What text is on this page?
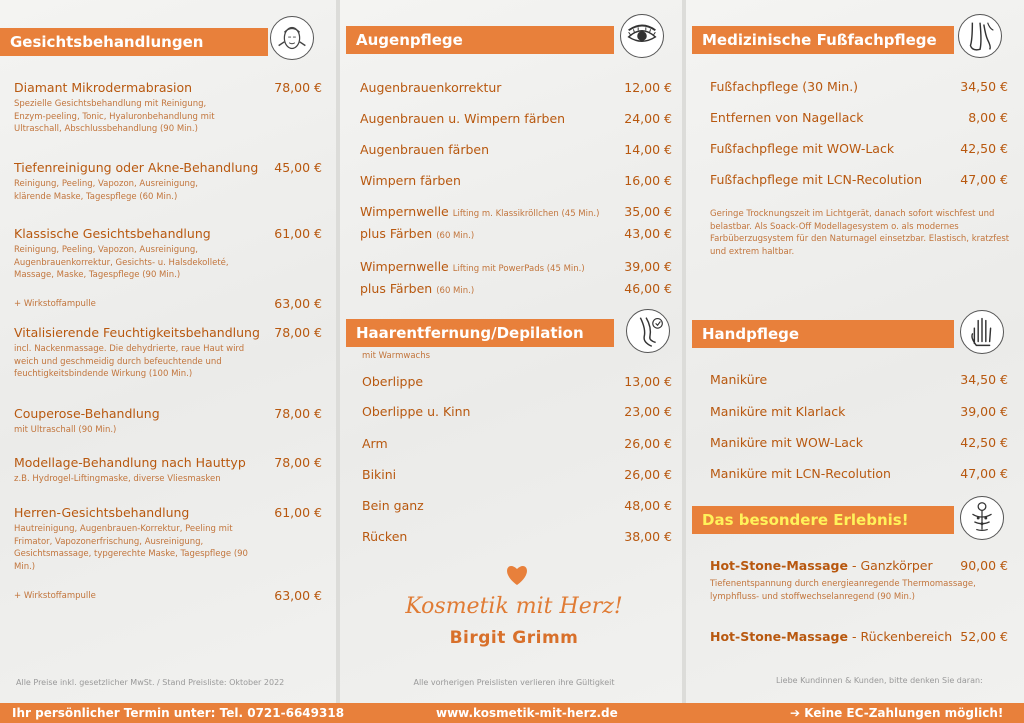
Gesichtsbehandlungen
Diamant Mikrodermabrasion	78,00 €
Spezielle Gesichtsbehandlung mit Reinigung, Enzym-peeling, Tonic, Hyaluronbehandlung mit Ultraschall, Abschlussbehandlung (90 Min.)
Tiefenreinigung oder Akne-Behandlung	45,00 €
Reinigung, Peeling, Vapozon, Ausreinigung, klärende Maske, Tagespflege (60 Min.)
Klassische Gesichtsbehandlung	61,00 €
Reinigung, Peeling, Vapozon, Ausreinigung, Augenbrauenkorrektur, Gesichts- u. Halsdekolleté, Massage, Maske, Tagespflege (90 Min.)
+ Wirkstoffampulle	63,00 €
Vitalisierende Feuchtigkeitsbehandlung	78,00 €
incl. Nackenmassage. Die dehydrierte, raue Haut wird weich und geschmeidig durch befeuchtende und feuchtigkeitsbindende Wirkung (100 Min.)
Couperose-Behandlung	78,00 €
mit Ultraschall (90 Min.)
Modellage-Behandlung nach Hauttyp	78,00 €
z.B. Hydrogel-Liftingmaske, diverse Vliesmasken
Herren-Gesichtsbehandlung	61,00 €
Hautreinigung, Augenbrauen-Korrektur, Peeling mit Frimator, Vapozonerfrischung, Ausreinigung, Gesichtsmassage, typgerechte Maske, Tagespflege (90 Min.)
+ Wirkstoffampulle	63,00 €
Alle Preise inkl. gesetzlicher MwSt. / Stand Preisliste: Oktober 2022
Augenpflege
Augenbrauenkorrektur	12,00 €
Augenbrauen u. Wimpern färben	24,00 €
Augenbrauen färben	14,00 €
Wimpern färben	16,00 €
Wimpernwelle Lifting m. Klassikröllchen (45 Min.)	35,00 €
plus Färben (60 Min.)	43,00 €
Wimpernwelle Lifting mit PowerPads (45 Min.)	39,00 €
plus Färben (60 Min.)	46,00 €
Haarentfernung/Depilation
mit Warmwachs
Oberlippe	13,00 €
Oberlippe u. Kinn	23,00 €
Arm	26,00 €
Bikini	26,00 €
Bein ganz	48,00 €
Rücken	38,00 €
Kosmetik mit Herz!
Birgit Grimm
Alle vorherigen Preislisten verlieren ihre Gültigkeit
Medizinische Fußfachpflege
Fußfachpflege (30 Min.)	34,50 €
Entfernen von Nagellack	8,00 €
Fußfachpflege mit WOW-Lack	42,50 €
Fußfachpflege mit LCN-Recolution	47,00 €
Geringe Trocknungszeit im Lichtgerät, danach sofort wischfest und belastbar. Als Soack-Off Modellagesystem o. als modernes Farbüberzugsystem für den Naturnagel einsetzbar. Elastisch, kratzfest und extrem haltbar.
Handpflege
Maniküre	34,50 €
Maniküre mit Klarlack	39,00 €
Maniküre mit WOW-Lack	42,50 €
Maniküre mit LCN-Recolution	47,00 €
Das besondere Erlebnis!
Hot-Stone-Massage - Ganzkörper	90,00 €
Tiefenentspannung durch energieanregende Thermomassage, lymphfluss- und stoffwechselanregend (90 Min.)
Hot-Stone-Massage - Rückenbereich 52,00 €
Liebe Kundinnen & Kunden, bitte denken Sie daran:
Ihr persönlicher Termin unter: Tel. 0721-6649318	www.kosmetik-mit-herz.de	➔ Keine EC-Zahlungen möglich!
